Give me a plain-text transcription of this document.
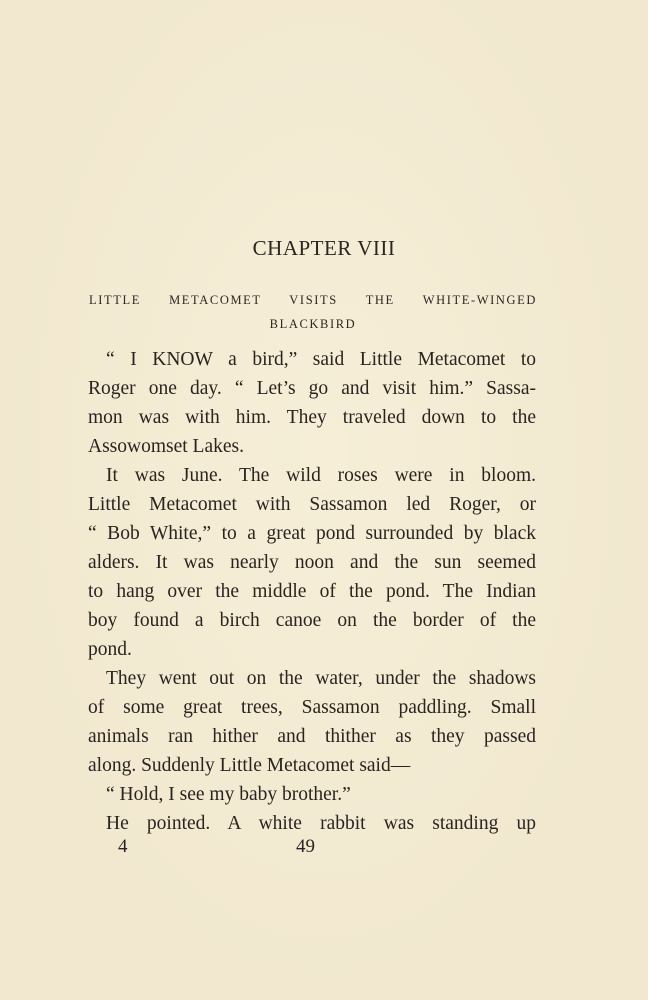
CHAPTER VIII
LITTLE METACOMET VISITS THE WHITE-WINGED
BLACKBIRD
“ I KNOW a bird,” said Little Metacomet to
Roger one day. “ Let’s go and visit him.” Sassa-
mon was with him. They traveled down to the
Assowomset Lakes.
It was June. The wild roses were in bloom.
Little Metacomet with Sassamon led Roger, or
“ Bob White,” to a great pond surrounded by black
alders. It was nearly noon and the sun seemed
to hang over the middle of the pond. The Indian
boy found a birch canoe on the border of the
pond.
They went out on the water, under the shadows
of some great trees, Sassamon paddling. Small
animals ran hither and thither as they passed
along. Suddenly Little Metacomet said—
“ Hold, I see my baby brother.”
He pointed. A white rabbit was standing up
4	49
